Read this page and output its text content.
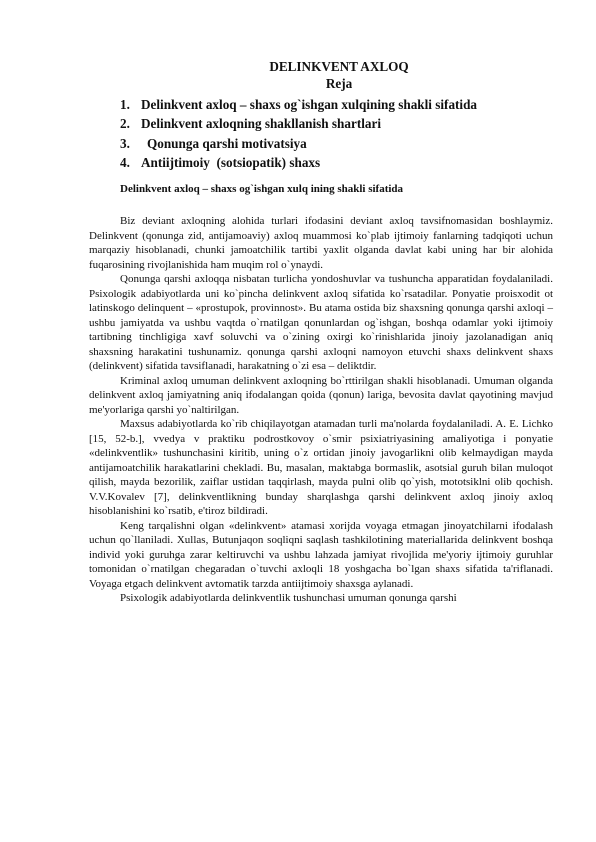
DELINKVENT AXLOQ
Reja
1. Delinkvent axloq – shaxs og`ishgan xulqining shakli sifatida
2. Delinkvent axloqning shakllanish shartlari
3. Qonunga qarshi motivatsiya
4. Antiijtimoiy  (sotsiopatik) shaxs
Delinkvent axloq – shaxs og`ishgan xulq ining shakli sifatida

Biz deviant axloqning alohida turlari ifodasini deviant axloq tavsifnomasidan boshlaymiz. Delinkvent (qonunga zid, antijamoaviy) axloq muammosi ko`plab ijtimoiy fanlarning tadqiqoti uchun marqaziy hisoblanadi, chunki jamoatchilik tartibi yaxlit olganda davlat kabi uning har bir alohida fuqarosining rivojlanishida ham muqim rol o`ynaydi.

Qonunga qarshi axloqqa nisbatan turlicha yondoshuvlar va tushuncha apparatidan foydalaniladi. Psixologik adabiyotlarda uni ko`pincha delinkvent axloq sifatida ko`rsatadilar. Ponyatie proisxodit ot latinskogo delinquent – «prostupok, provinnost». Bu atama ostida biz shaxsning qonunga qarshi axloqi – ushbu jamiyatda va ushbu vaqtda o`rnatilgan qonunlardan og`ishgan, boshqa odamlar yoki ijtimoiy tartibning tinchligiga xavf soluvchi va o`zining oxirgi ko`rinishlarida jinoiy jazolanadigan aniq shaxsning harakatini tushunamiz. qonunga qarshi axloqni namoyon etuvchi shaxs delinkvent shaxs (delinkvent) sifatida tavsiflanadi, harakatning o`zi esa – deliktdir.

Kriminal axloq umuman delinkvent axloqning bo`rttirilgan shakli hisoblanadi. Umuman olganda delinkvent axloq jamiyatning aniq ifodalangan qoida (qonun) lariga, bevosita davlat qayotining mavjud me'yorlariga qarshi yo`naltirilgan.

Maxsus adabiyotlarda ko`rib chiqilayotgan atamadan turli ma'nolarda foydalaniladi. A. E. Lichko [15, 52-b.], vvedya v praktiku podrostkovoy o`smir psixiatriyasining amaliyotiga i ponyatie «delinkventlik» tushunchasini kiritib, uning o`z ortidan jinoiy javogarlikni olib kelmaydigan mayda antijamoatchilik harakatlarini chekladi. Bu, masalan, maktabga bormaslik, asotsial guruh bilan muloqot qilish, mayda bezorilik, zaiflar ustidan taqqirlash, mayda pulni olib qo`yish, mototsiklni olib qochish. V.V.Kovalev [7], delinkventlikning bunday sharqlashga qarshi delinkvent axloq jinoiy axloq hisoblanishini ko`rsatib, e'tiroz bildiradi.

Keng tarqalishni olgan «delinkvent» atamasi xorijda voyaga etmagan jinoyatchilarni ifodalash uchun qo`llaniladi. Xullas, Butunjaqon soqliqni saqlash tashkilotining materiallarida delinkvent boshqa individ yoki guruhga zarar keltiruvchi va ushbu lahzada jamiyat rivojlida me'yoriy ijtimoiy guruhlar tomonidan o`rnatilgan chegaradan o`tuvchi axloqli 18 yoshgacha bo`lgan shaxs sifatida ta'riflanadi. Voyaga etgach delinkvent avtomatik tarzda antiijtimoiy shaxsga aylanadi.

Psixologik adabiyotlarda delinkventlik tushunchasi umuman qonunga qarshi
